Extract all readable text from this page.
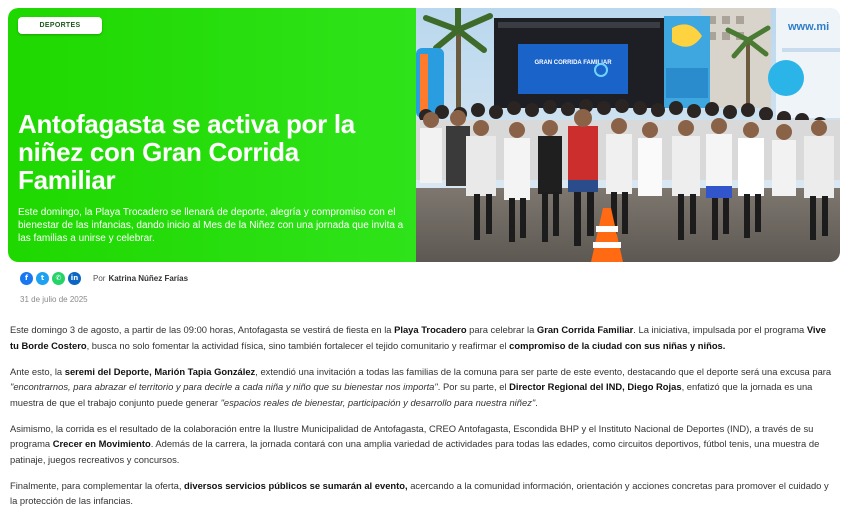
DEPORTES
Antofagasta se activa por la niñez con Gran Corrida Familiar

Este domingo, la Playa Trocadero se llenará de deporte, alegría y compromiso con el bienestar de las infancias, dando inicio al Mes de la Niñez con una jornada que invita a las familias a unirse y celebrar.

GRAN CORRIDA FAMILIAR
www.mi
f	t	✆	in	Por Katrina Núñez Farías
31 de julio de 2025

Este domingo 3 de agosto, a partir de las 09:00 horas, Antofagasta se vestirá de fiesta en la Playa Trocadero para celebrar la Gran Corrida Familiar. La iniciativa, impulsada por el programa Vive tu Borde Costero, busca no solo fomentar la actividad física, sino también fortalecer el tejido comunitario y reafirmar el compromiso de la ciudad con sus niñas y niños.

Ante esto, la seremi del Deporte, Marión Tapia González, extendió una invitación a todas las familias de la comuna para ser parte de este evento, destacando que el deporte será una excusa para "encontrarnos, para abrazar el territorio y para decirle a cada niña y niño que su bienestar nos importa". Por su parte, el Director Regional del IND, Diego Rojas, enfatizó que la jornada es una muestra de que el trabajo conjunto puede generar "espacios reales de bienestar, participación y desarrollo para nuestra niñez".

Asimismo, la corrida es el resultado de la colaboración entre la Ilustre Municipalidad de Antofagasta, CREO Antofagasta, Escondida BHP y el Instituto Nacional de Deportes (IND), a través de su programa Crecer en Movimiento. Además de la carrera, la jornada contará con una amplia variedad de actividades para todas las edades, como circuitos deportivos, fútbol tenis, una muestra de patinaje, juegos recreativos y concursos.

Finalmente, para complementar la oferta, diversos servicios públicos se sumarán al evento, acercando a la comunidad información, orientación y acciones concretas para promover el cuidado y la protección de las infancias.
